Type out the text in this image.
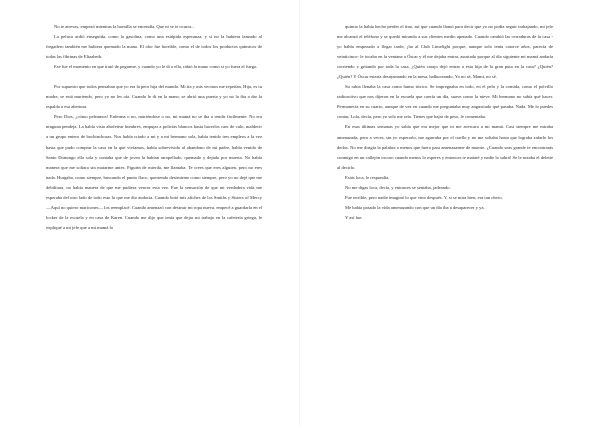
No te atrevas, empezó mientras la hornilla se encendía. Que ni se te ocurra...

La peluca ardió enseguida, como la gasolina, como una estúpida esperanza, y si no la hubiera lanzado al fregadero también me hubiera quemado la mano. El olor fue horrible, como el de todos los productos químicos de todas las fibrinas de Elizabeth.

Ese fue el momento en que trató de pegarme, y cuando yo le di a ella, rabió la mano como si yo fuera el fuego.

Por supuesto que todos pensaban que yo era la peor hija del mundo. Mi tía y mis vecinos me repetían, Hija, es tu madre, se está muriendo, pero yo no les oía. Cuando le di en la mano, se abrió una puerta y yo no la iba a dar la espalda a esa abertura.

Pero Dios, ¿cómo peleamos! Enferma o no, muriéndose o no, mi mamá no se iba a rendir fácilmente. No era ninguna pendeja. La había visto abofetear hombres, empujar a policías blancos hasta hacerlos caer de culo, maldecir a un grupo entero de bochinchosas. Nos había criado a mi y a mi hermano sola, había tenido tres empleos a la vez hasta que pudo comprar la casa en la que vivíamos, había sobrevivido al abandono de mi padre, había venido de Santo Domingo ella sola y contaba que de joven la habían atropellado, quemado y dejado por muerta. No había manera que me soltara sin matarme antes. Figurín de mierda, me llamaba. Te crees que eres alguien, pero no eres nada. Hurgaba, como siempre, buscando el punto flaco, queriendo destruirme como siempre, pero yo no dejé que me debilitara, no había manera de que me pudiera vencer esta vez. Fue la sensación de que mi verdadera vida me esperaba del otro lado de todo esto lo que me dio audacia. Cuando botó mis afiches de los Smiths y Sisters of Mercy —Aquí no quiero maricones— los reemplacé. Cuando amenazó con destruir mi ropa nueva, empecé a guardarla en el locker de la escuela y en casa de Karen. Cuando me dijo que tenía que dejar mi trabajo en la cafetería griega, le expliqué a mi jefe que a mi mamá la

quimio la había hecho perder el tino, así que cuando llamó para decir que yo no podía seguir trabajando, mi jefe me alcanzó el teléfono y se quedó mirando a sus clientes medio apenado. Cuando cambió las cerraduras de la casa - yo había empezado a llegar tarde, ¡ha al Club Limelight porque, aunque solo tenía catorce años, parecía de veinticinco- le tocaba en la ventana a Óscar y él me dejaba entrar, asustado porque al día siguiente mi mamá andaría corriendo y gritando por toda la casa, ¿Quién carajo dejó entrar a esta hija de la gran puta en la casa? ¿Quién? ¿Quién? Y Óscar estaría desayunando en la mesa, balbuceando, Yo no sé, Mami, no sé.

Su rabia llenaba la casa como humo tóxico. Se impregnaba en todo, en el pelo y la comida, como el polvillo radioactivo que nos dijeron en la escuela que caería un día, suave como la nieve. Mi hermano no sabía qué hacer. Permanecía en su cuarto, aunque de vez en cuando me preguntaba muy angustiado qué pasaba. Nada. Me lo puedes contar, Lola, decía, pero yo solo me reía. Tienes que bajar de peso, le comentaba.

En esas últimas semanas yo sabía que era mejor que ni me acercara a mi mamá. Casi siempre me miraba amenazada, pero a veces, sin yo esperarlo, me agarraba por el cuello y no me soltaba hasta que lograba zafarle los dedos. No me dirigía la palabra a menos que fuera para amenazarme de muerte. ¿Cuando seas grande te encontrarás conmigo en un callejón oscuro cuando menos lo esperes y entonces te mataré y nadie lo sabrá! Se le notaba el deleite al decirlo.

Estás loca, le respondía.

No me digas loca, decía, y entonces se sentaba, jadeando.

Fue terrible, pero nadie imaginó lo que vino después. Y, si se mira bien, era tan obvio.

Me había pasado la vida amenazando con que un día iba a desaparecer y ya.

Y así fue.
